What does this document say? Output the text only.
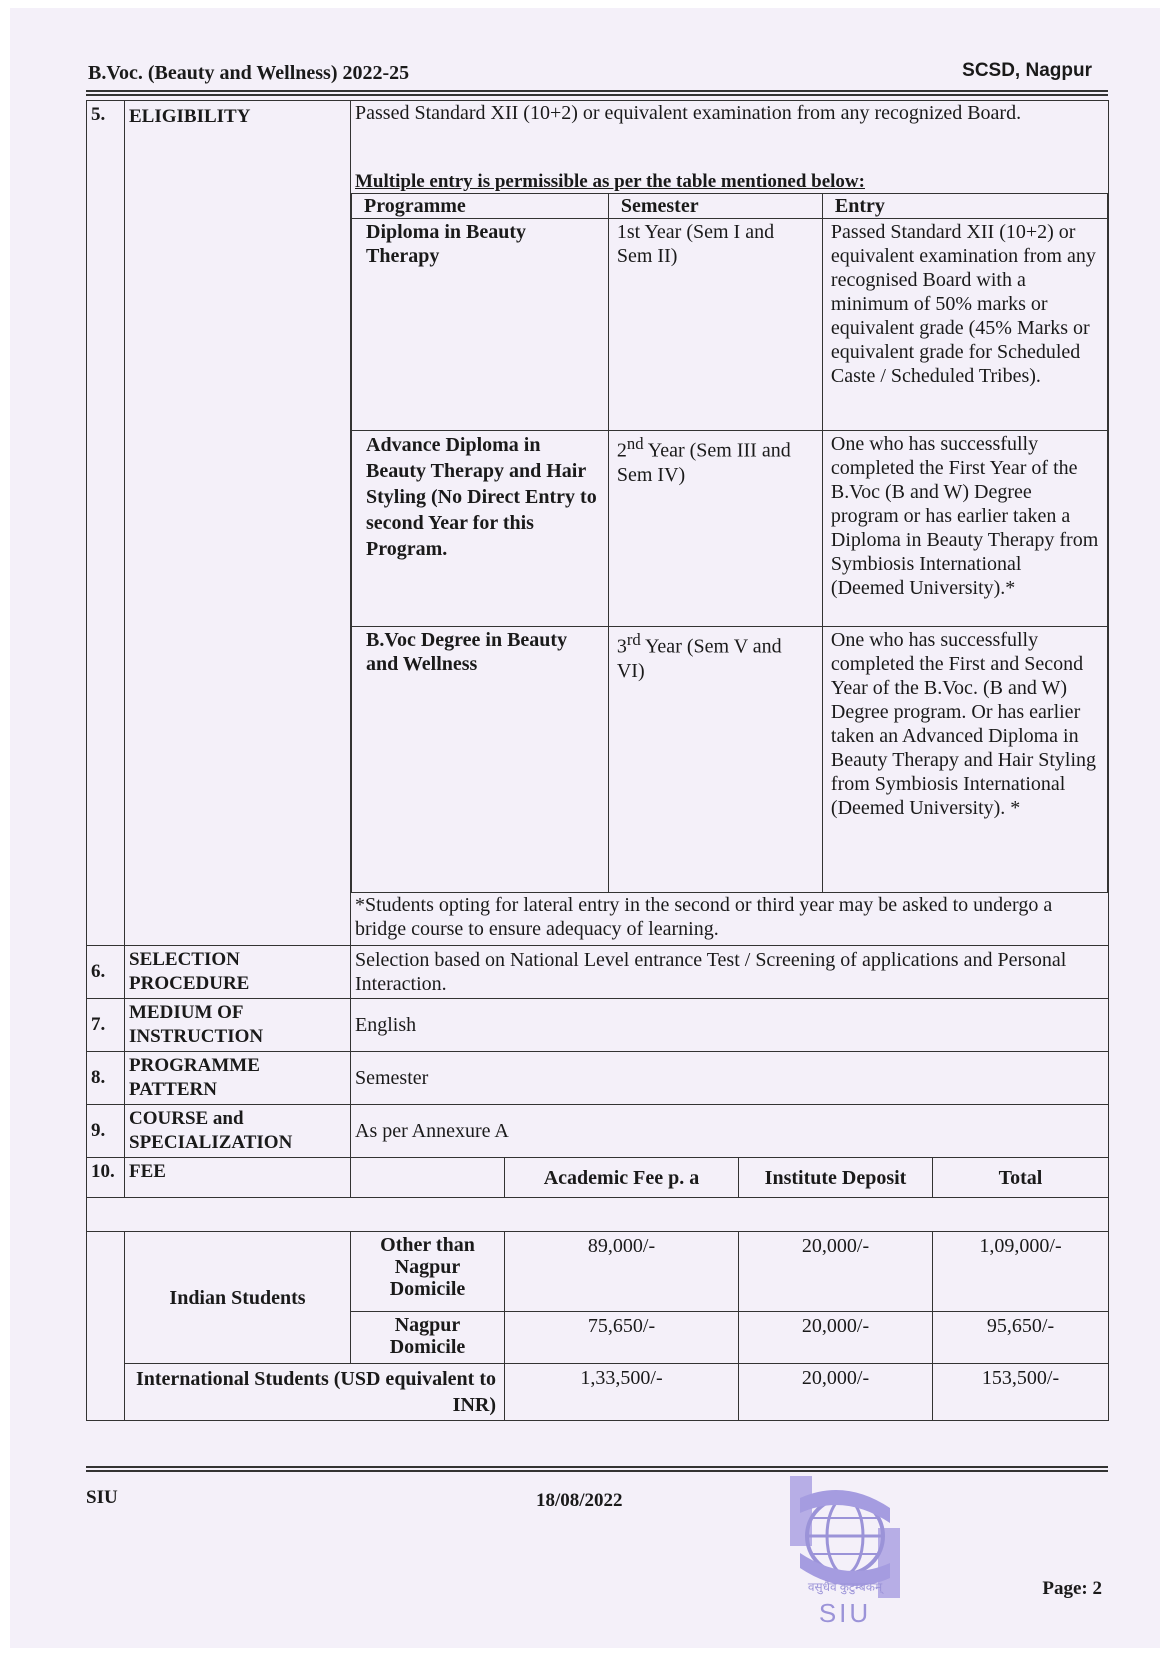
B.Voc. (Beauty and Wellness) 2022-25	SCSD, Nagpur
5.	ELIGIBILITY	Passed Standard XII (10+2) or equivalent examination from any recognized Board.
Multiple entry is permissible as per the table mentioned below:
Programme	Semester	Entry
Diploma in Beauty Therapy	1st Year (Sem I and Sem II)	Passed Standard XII (10+2) or equivalent examination from any recognised Board with a minimum of 50% marks or equivalent grade (45% Marks or equivalent grade for Scheduled Caste / Scheduled Tribes).
Advance Diploma in Beauty Therapy and Hair Styling (No Direct Entry to second Year for this Program.	2nd Year (Sem III and Sem IV)	One who has successfully completed the First Year of the B.Voc (B and W) Degree program or has earlier taken a Diploma in Beauty Therapy from Symbiosis International (Deemed University).*
B.Voc Degree in Beauty and Wellness	3rd Year (Sem V and VI)	One who has successfully completed the First and Second Year of the B.Voc. (B and W) Degree program. Or has earlier taken an Advanced Diploma in Beauty Therapy and Hair Styling from Symbiosis International (Deemed University). *
*Students opting for lateral entry in the second or third year may be asked to undergo a bridge course to ensure adequacy of learning.

6.	SELECTION PROCEDURE	Selection based on National Level entrance Test / Screening of applications and Personal Interaction.
7.	MEDIUM OF INSTRUCTION	English
8.	PROGRAMME PATTERN	Semester
9.	COURSE and SPECIALIZATION	As per Annexure A
10.	FEE		Academic Fee p. a	Institute Deposit	Total

	Indian Students	Other than Nagpur Domicile	89,000/-	20,000/-	1,09,000/-
Nagpur Domicile	75,650/-	20,000/-	95,650/-
International Students (USD equivalent to INR)	1,33,500/-	20,000/-	153,500/-
SIU	18/08/2022
वसुधैव कुटुम्बकम्
SIU
Page: 2
